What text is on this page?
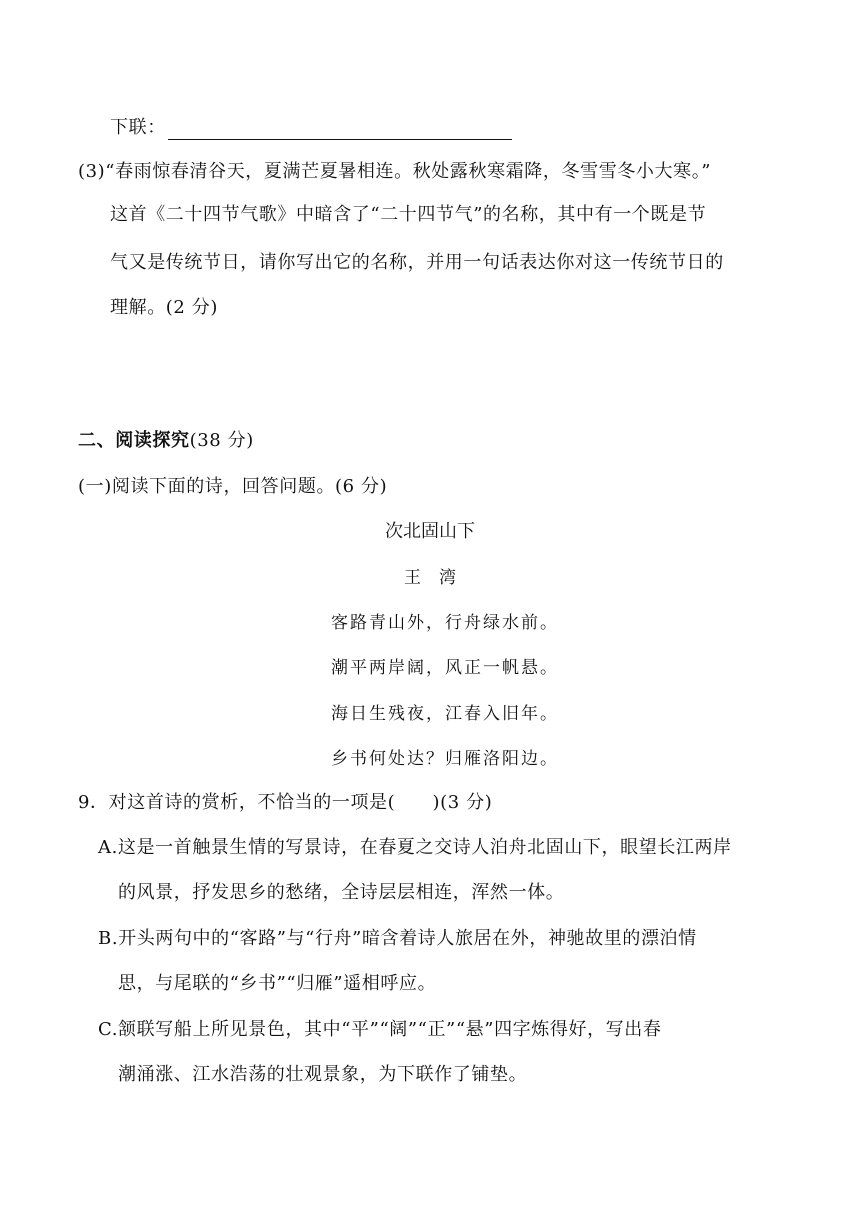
下联：
(3)“春雨惊春清谷天，夏满芒夏暑相连。秋处露秋寒霜降，冬雪雪冬小大寒。”
这首《二十四节气歌》中暗含了“二十四节气”的名称，其中有一个既是节
气又是传统节日，请你写出它的名称，并用一句话表达你对这一传统节日的
理解。(2 分)
二、阅读探究(38 分)
(一)阅读下面的诗，回答问题。(6 分)
次北固山下
王湾
客路青山外，行舟绿水前。
潮平两岸阔，风正一帆悬。
海日生残夜，江春入旧年。
乡书何处达？归雁洛阳边。
9．对这首诗的赏析，不恰当的一项是(　　)(3 分)
A.这是一首触景生情的写景诗，在春夏之交诗人泊舟北固山下，眼望长江两岸
的风景，抒发思乡的愁绪，全诗层层相连，浑然一体。
B.开头两句中的“客路”与“行舟”暗含着诗人旅居在外，神驰故里的漂泊情
思，与尾联的“乡书”“归雁”遥相呼应。
C.颔联写船上所见景色，其中“平”“阔”“正”“悬”四字炼得好，写出春
潮涌涨、江水浩荡的壮观景象，为下联作了铺垫。
